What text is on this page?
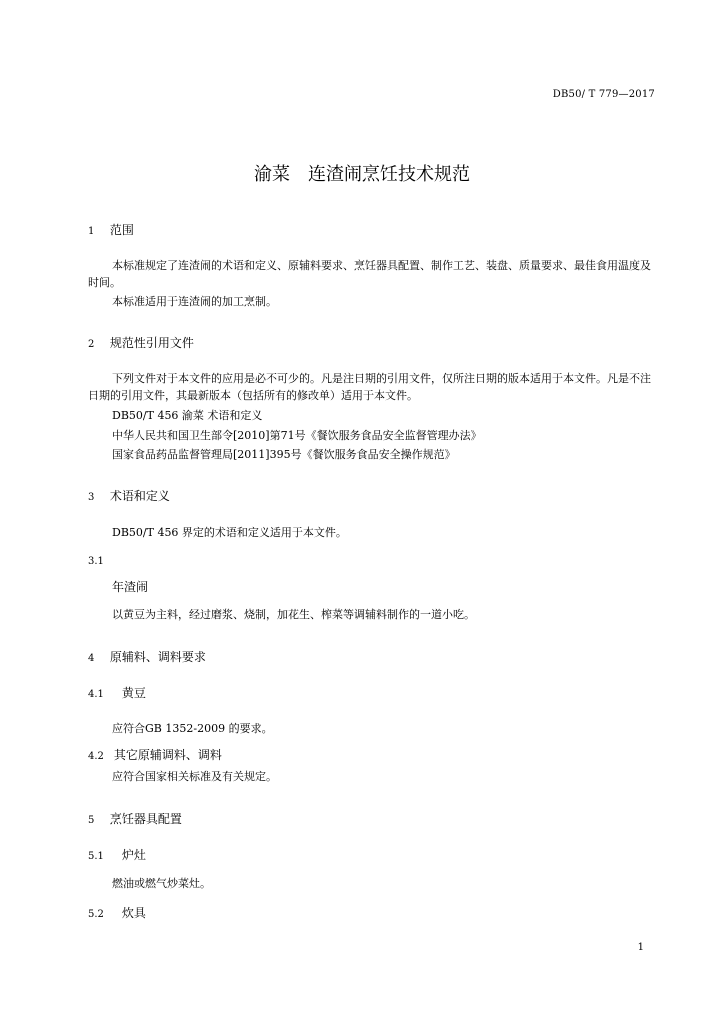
DB50/ T 779—2017
渝菜　连渣闹烹饪技术规范
1 范围
本标准规定了连渣闹的术语和定义、原辅料要求、烹饪器具配置、制作工艺、装盘、质量要求、最佳食用温度及时间。
本标准适用于连渣闹的加工烹制。
2 规范性引用文件
下列文件对于本文件的应用是必不可少的。凡是注日期的引用文件，仅所注日期的版本适用于本文件。凡是不注日期的引用文件，其最新版本（包括所有的修改单）适用于本文件。
DB50/T 456 渝菜 术语和定义
中华人民共和国卫生部令[2010]第71号《餐饮服务食品安全监督管理办法》
国家食品药品监督管理局[2011]395号《餐饮服务食品安全操作规范》
3 术语和定义
DB50/T 456 界定的术语和定义适用于本文件。
3.1
年渣闹
以黄豆为主料，经过磨浆、烧制，加花生、榨菜等调辅料制作的一道小吃。
4 原辅料、调料要求
4.1 黄豆
应符合GB 1352-2009 的要求。
4.2 其它原辅调料、调料
应符合国家相关标准及有关规定。
5 烹饪器具配置
5.1 炉灶
燃油或燃气炒菜灶。
5.2 炊具
1
